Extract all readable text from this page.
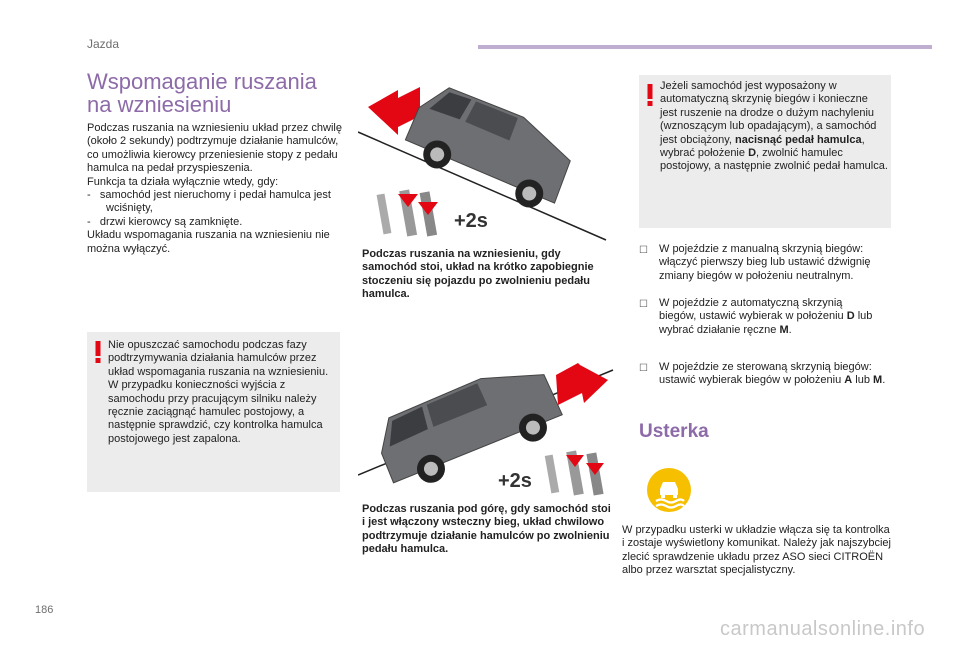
Jazda
Wspomaganie ruszania
na wzniesieniu

Podczas ruszania na wzniesieniu układ przez chwilę (około 2 sekundy) podtrzymuje działanie hamulców, co umożliwia kierowcy przeniesienie stopy z pedału hamulca na pedał przyspieszenia.

Funkcja ta działa wyłącznie wtedy, gdy:

-   samochód jest nieruchomy i pedał hamulca jest wciśnięty,
-   drzwi kierowcy są zamknięte.

Układu wspomagania ruszania na wzniesieniu nie można wyłączyć.

Nie opuszczać samochodu podczas fazy podtrzymywania działania hamulców przez układ wspomagania ruszania na wzniesieniu.
W przypadku konieczności wyjścia z samochodu przy pracującym silniku należy ręcznie zaciągnąć hamulec postojowy, a następnie sprawdzić, czy kontrolka hamulca postojowego jest zapalona.
Jeżeli samochód jest wyposażony w automatyczną skrzynię biegów i konieczne jest ruszenie na drodze o dużym nachyleniu (wznoszącym lub opadającym), a samochód jest obciążony, nacisnąć pedał hamulca, wybrać położenie D, zwolnić hamulec postojowy, a następnie zwolnić pedał hamulca.
+2s
Podczas ruszania na wzniesieniu, gdy samochód stoi, układ na krótko zapobiegnie stoczeniu się pojazdu po zwolnieniu pedału hamulca.
+2s
Podczas ruszania pod górę, gdy samochód stoi i jest włączony wsteczny bieg, układ chwilowo podtrzymuje działanie hamulców po zwolnieniu pedału hamulca.
☐ W pojeździe z manualną skrzynią biegów: włączyć pierwszy bieg lub ustawić dźwignię zmiany biegów w położeniu neutralnym.
☐ W pojeździe z automatyczną skrzynią biegów, ustawić wybierak w położeniu D lub wybrać działanie ręczne M.
☐ W pojeździe ze sterowaną skrzynią biegów: ustawić wybierak biegów w położeniu A lub M.
Usterka
W przypadku usterki w układzie włącza się ta kontrolka i zostaje wyświetlony komunikat. Należy jak najszybciej zlecić sprawdzenie układu przez ASO sieci CITROËN albo przez warsztat specjalistyczny.
186
carmanualsonline.info
